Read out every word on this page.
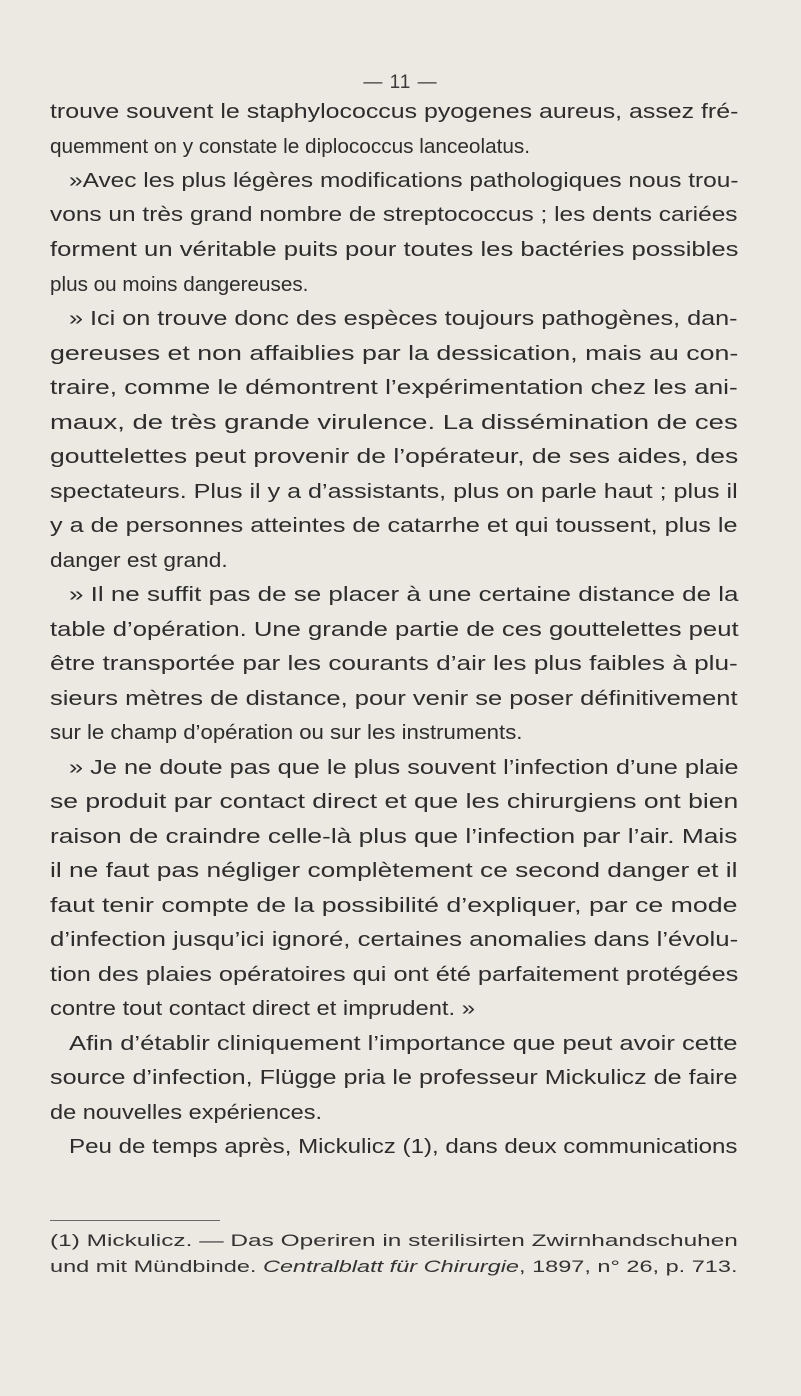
— 11 —
trouve souvent le staphylococcus pyogenes aureus, assez fré-
quemment on y constate le diplococcus lanceolatus.
»Avec les plus légères modifications pathologiques nous trou-
vons un très grand nombre de streptococcus ; les dents cariées
forment un véritable puits pour toutes les bactéries possibles
plus ou moins dangereuses.
» Ici on trouve donc des espèces toujours pathogènes, dan-
gereuses et non affaiblies par la dessication, mais au con-
traire, comme le démontrent l’expérimentation chez les ani-
maux, de très grande virulence. La dissémination de ces
gouttelettes peut provenir de l’opérateur, de ses aides, des
spectateurs. Plus il y a d’assistants, plus on parle haut ; plus il
y a de personnes atteintes de catarrhe et qui toussent, plus le
danger est grand.
» Il ne suffit pas de se placer à une certaine distance de la
table d’opération. Une grande partie de ces gouttelettes peut
être transportée par les courants d’air les plus faibles à plu-
sieurs mètres de distance, pour venir se poser définitivement
sur le champ d’opération ou sur les instruments.
» Je ne doute pas que le plus souvent l’infection d’une plaie
se produit par contact direct et que les chirurgiens ont bien
raison de craindre celle-là plus que l’infection par l’air. Mais
il ne faut pas négliger complètement ce second danger et il
faut tenir compte de la possibilité d’expliquer, par ce mode
d’infection jusqu’ici ignoré, certaines anomalies dans l’évolu-
tion des plaies opératoires qui ont été parfaitement protégées
contre tout contact direct et imprudent. »
Afin d’établir cliniquement l’importance que peut avoir cette
source d’infection, Flügge pria le professeur Mickulicz de faire
de nouvelles expériences.
Peu de temps après, Mickulicz (1), dans deux communications
(1) Mickulicz. — Das Operiren in sterilisirten Zwirnhandschuhen
und mit Mündbinde. Centralblatt für Chirurgie, 1897, n° 26, p. 713.
